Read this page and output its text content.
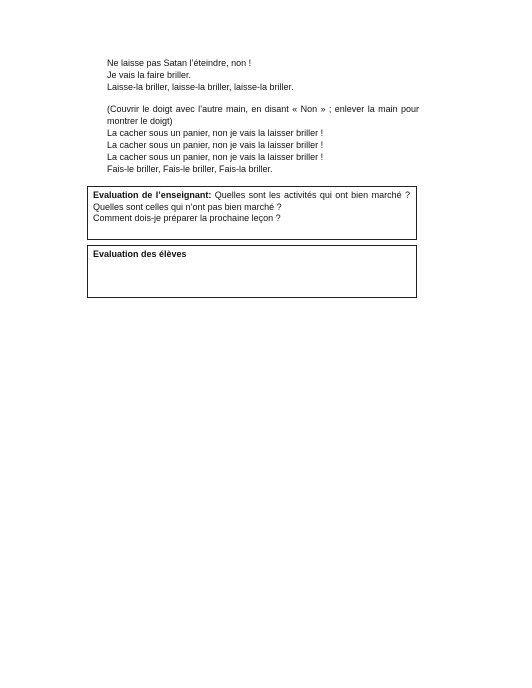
Ne laisse pas Satan l’éteindre, non !
Je vais la faire briller.
Laisse-la briller, laisse-la briller, laisse-la briller.
(Couvrir le doigt avec l’autre main, en disant « Non » ; enlever la main pour montrer le doigt)
La cacher sous un panier, non je vais la laisser briller !
La cacher sous un panier, non je vais la laisser briller !
La cacher sous un panier, non je vais la laisser briller !
Fais-le briller, Fais-le briller, Fais-la briller.
Evaluation de l’enseignant: Quelles sont les activités qui ont bien marché ? Quelles sont celles qui n’ont pas bien marché ?
Comment dois-je préparer la prochaine leçon ?
Evaluation des élèves
